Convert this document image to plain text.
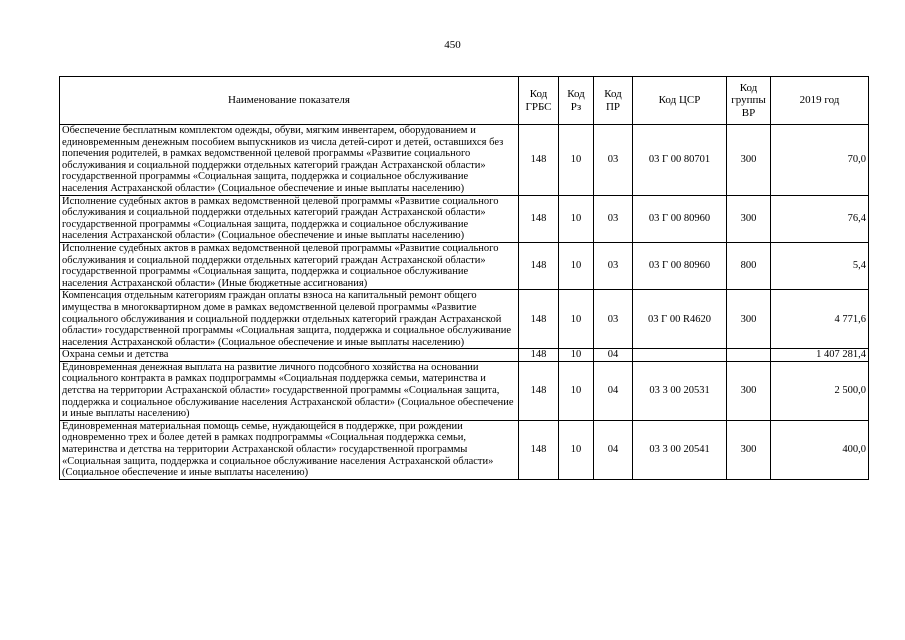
450
Наименование показателя	Код ГРБС	Код Рз	Код ПР	Код ЦСР	Код группы ВР	2019 год
Обеспечение бесплатным комплектом одежды, обуви, мягким инвентарем, оборудованием и единовременным денежным пособием выпускников из числа детей-сирот и детей, оставшихся без попечения родителей, в рамках ведомственной целевой программы «Развитие социального обслуживания и социальной поддержки отдельных категорий граждан Астраханской области» государственной программы «Социальная защита, поддержка и социальное обслуживание населения Астраханской области» (Социальное обеспечение и иные выплаты населению)	148	10	03	03 Г 00 80701	300	70,0
Исполнение судебных актов в рамках ведомственной целевой программы «Развитие социального обслуживания и социальной поддержки отдельных категорий граждан Астраханской области» государственной программы «Социальная защита, поддержка и социальное обслуживание населения Астраханской области» (Социальное обеспечение и иные выплаты населению)	148	10	03	03 Г 00 80960	300	76,4
Исполнение судебных актов в рамках ведомственной целевой программы «Развитие социального обслуживания и социальной поддержки отдельных категорий граждан Астраханской области» государственной программы «Социальная защита, поддержка и социальное обслуживание населения Астраханской области» (Иные бюджетные ассигнования)	148	10	03	03 Г 00 80960	800	5,4
Компенсация отдельным категориям граждан оплаты взноса на капитальный ремонт общего имущества в многоквартирном доме в рамках ведомственной целевой программы «Развитие социального обслуживания и социальной поддержки отдельных категорий граждан Астраханской области» государственной программы «Социальная защита, поддержка и социальное обслуживание населения Астраханской области» (Социальное обеспечение и иные выплаты населению)	148	10	03	03 Г 00 R4620	300	4 771,6
Охрана семьи и детства	148	10	04			1 407 281,4
Единовременная денежная выплата на развитие личного подсобного хозяйства на основании социального контракта в рамках подпрограммы «Социальная поддержка семьи, материнства и детства на территории Астраханской области» государственной программы «Социальная защита, поддержка и социальное обслуживание населения Астраханской области» (Социальное обеспечение и иные выплаты населению)	148	10	04	03 3 00 20531	300	2 500,0
Единовременная материальная помощь семье, нуждающейся в поддержке, при рождении одновременно трех и более детей в рамках подпрограммы «Социальная поддержка семьи, материнства и детства на территории Астраханской области» государственной программы «Социальная защита, поддержка и социальное обслуживание населения Астраханской области» (Социальное обеспечение и иные выплаты населению)	148	10	04	03 3 00 20541	300	400,0
